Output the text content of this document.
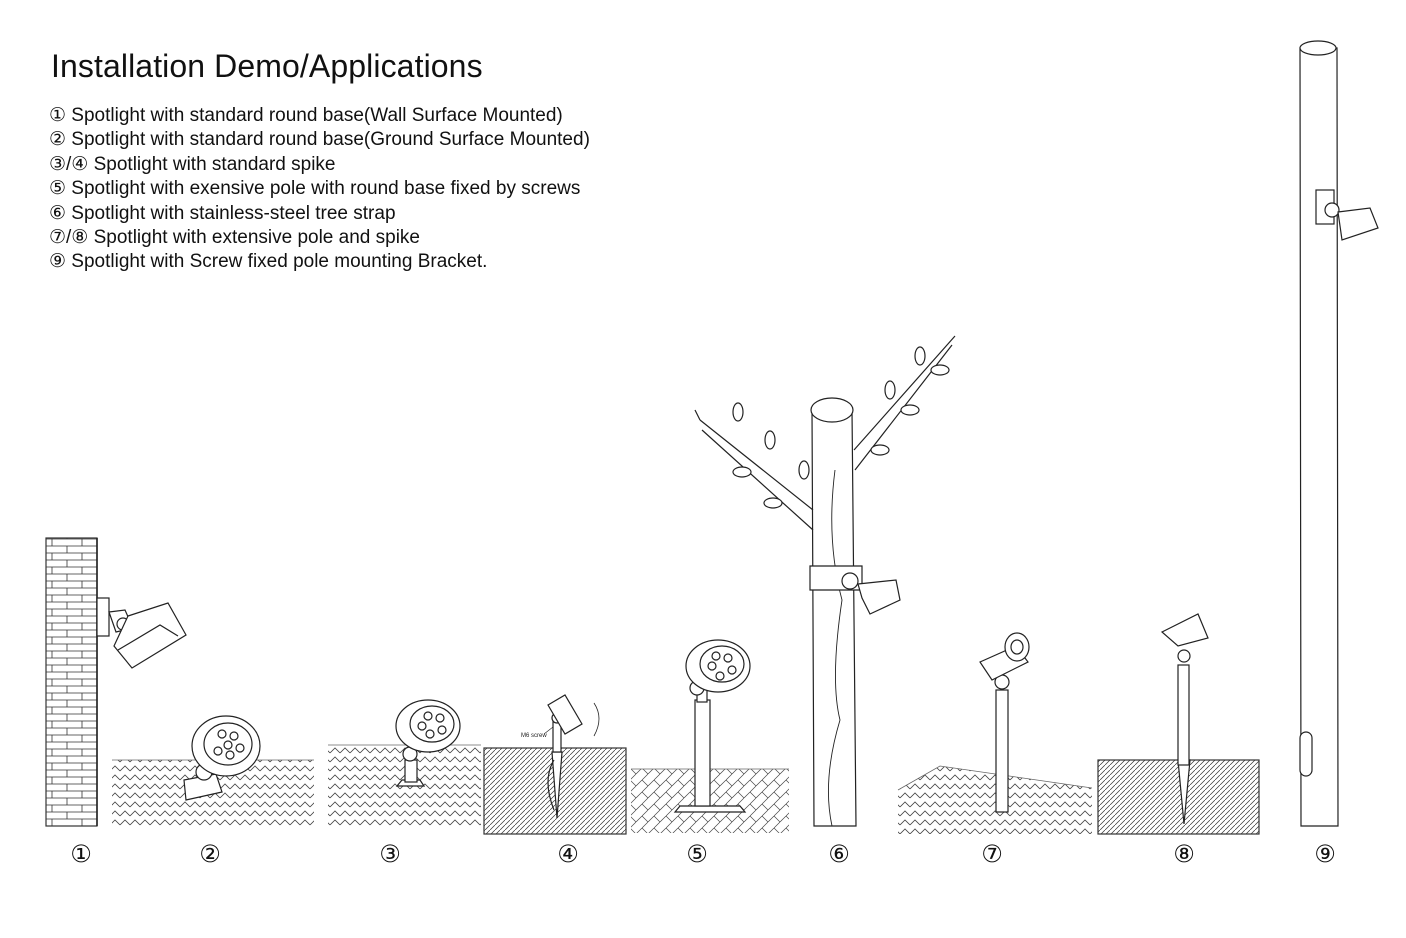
Installation Demo/Applications
① Spotlight with standard round base(Wall Surface Mounted)
② Spotlight with standard round base(Ground Surface Mounted)
③/④ Spotlight with standard spike
⑤ Spotlight with exensive pole with round base fixed by screws
⑥ Spotlight with stainless-steel tree strap
⑦/⑧ Spotlight with extensive pole and spike
⑨ Spotlight with Screw fixed pole mounting Bracket.
M6 screw
①	②	③	④	⑤	⑥	⑦	⑧	⑨
